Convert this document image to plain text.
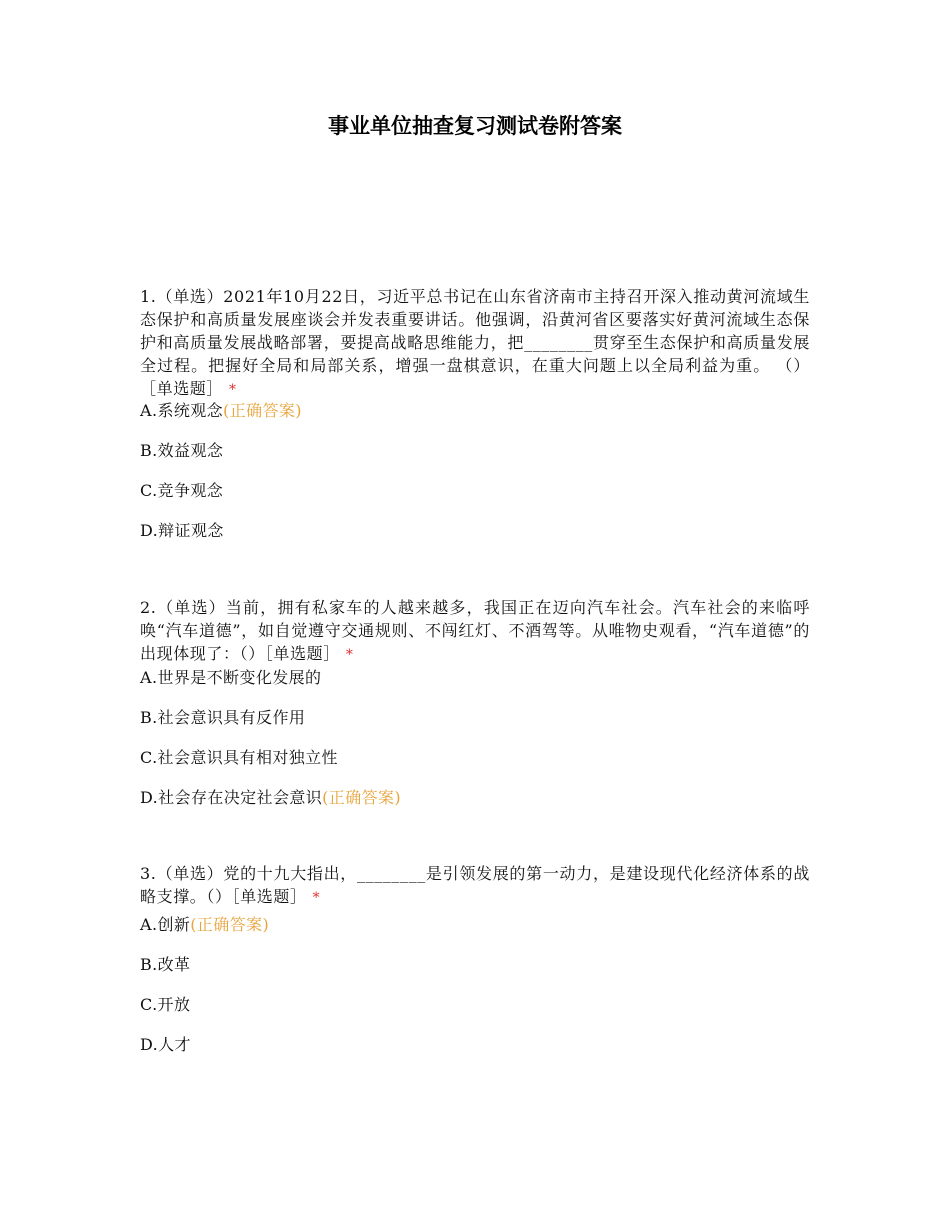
事业单位抽查复习测试卷附答案
1.（单选）2021年10月22日，习近平总书记在山东省济南市主持召开深入推动黄河流域生态保护和高质量发展座谈会并发表重要讲话。他强调，沿黄河省区要落实好黄河流域生态保护和高质量发展战略部署，要提高战略思维能力，把________贯穿至生态保护和高质量发展全过程。把握好全局和局部关系，增强一盘棋意识，在重大问题上以全局利益为重。 （）［单选题］ *
A.系统观念(正确答案)
B.效益观念
C.竞争观念
D.辩证观念
2.（单选）当前，拥有私家车的人越来越多，我国正在迈向汽车社会。汽车社会的来临呼唤“汽车道德”，如自觉遵守交通规则、不闯红灯、不酒驾等。从唯物史观看，“汽车道德”的出现体现了：（）［单选题］ *
A.世界是不断变化发展的
B.社会意识具有反作用
C.社会意识具有相对独立性
D.社会存在决定社会意识(正确答案)
3.（单选）党的十九大指出，________是引领发展的第一动力，是建设现代化经济体系的战略支撑。（）［单选题］ *
A.创新(正确答案)
B.改革
C.开放
D.人才
